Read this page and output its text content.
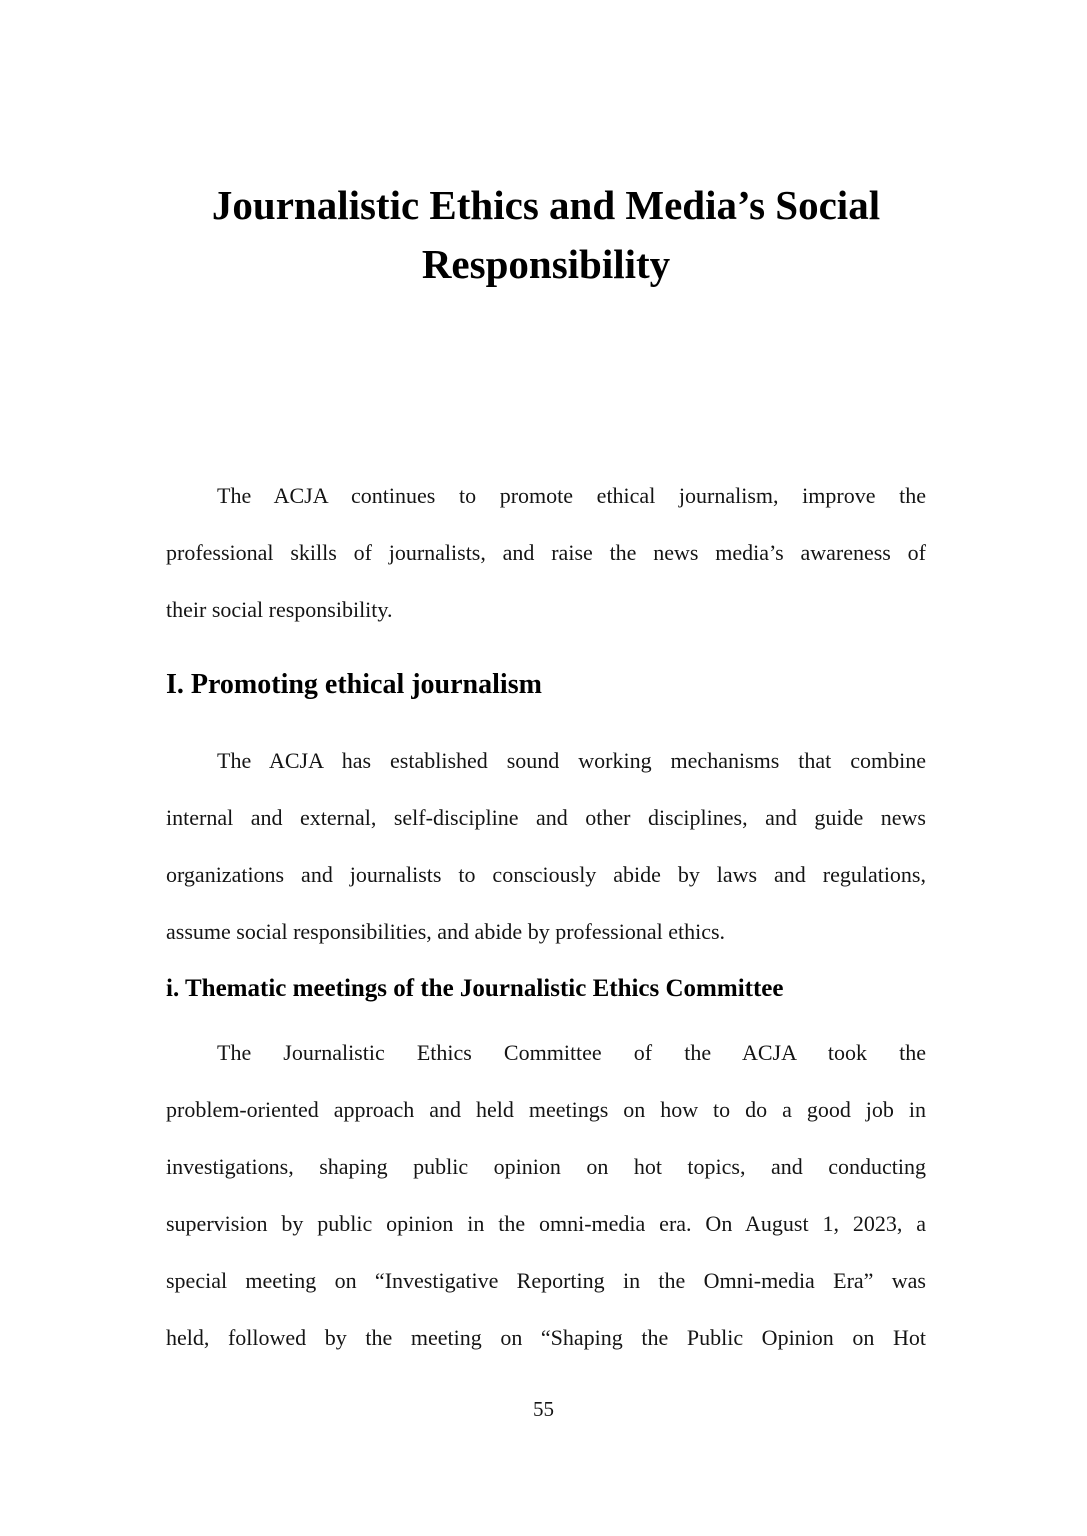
Journalistic Ethics and Media’s Social
Responsibility
The ACJA continues to promote ethical journalism, improve the
professional skills of journalists, and raise the news media’s awareness of
their social responsibility.
I. Promoting ethical journalism
The ACJA has established sound working mechanisms that combine
internal and external, self-discipline and other disciplines, and guide news
organizations and journalists to consciously abide by laws and regulations,
assume social responsibilities, and abide by professional ethics.
i. Thematic meetings of the Journalistic Ethics Committee
The Journalistic Ethics Committee of the ACJA took the
problem-oriented approach and held meetings on how to do a good job in
investigations, shaping public opinion on hot topics, and conducting
supervision by public opinion in the omni-media era. On August 1, 2023, a
special meeting on “Investigative Reporting in the Omni-media Era” was
held, followed by the meeting on “Shaping the Public Opinion on Hot
55
